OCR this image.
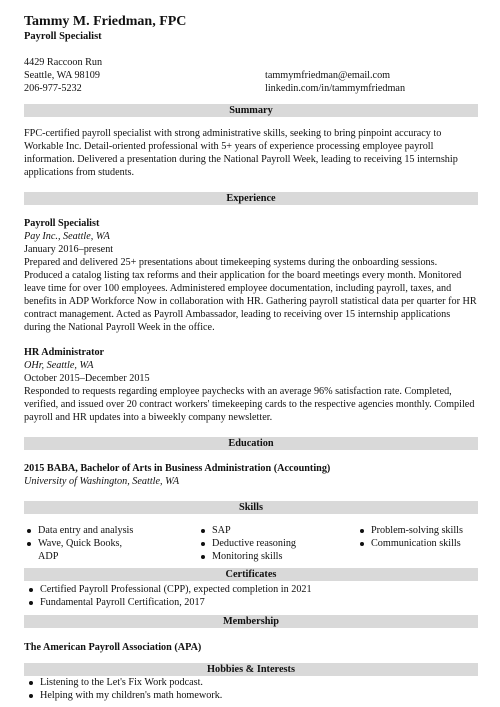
Tammy M. Friedman, FPC
Payroll Specialist
4429 Raccoon Run
Seattle, WA 98109
206-977-5232
tammymfriedman@email.com
linkedin.com/in/tammymfriedman
Summary
FPC-certified payroll specialist with strong administrative skills, seeking to bring pinpoint accuracy to Workable Inc. Detail-oriented professional with 5+ years of experience processing employee payroll information. Delivered a presentation during the National Payroll Week, leading to receiving 15 internship applications from students.
Experience
Payroll Specialist
Pay Inc., Seattle, WA
January 2016–present
Prepared and delivered 25+ presentations about timekeeping systems during the onboarding sessions. Produced a catalog listing tax reforms and their application for the board meetings every month. Monitored leave time for over 100 employees. Administered employee documentation, including payroll, taxes, and benefits in ADP Workforce Now in collaboration with HR. Gathering payroll statistical data per quarter for HR contract management. Acted as Payroll Ambassador, leading to receiving over 15 internship applications during the National Payroll Week in the office.
HR Administrator
OHr, Seattle, WA
October 2015–December 2015
Responded to requests regarding employee paychecks with an average 96% satisfaction rate. Completed, verified, and issued over 20 contract workers' timekeeping cards to the respective agencies monthly. Compiled payroll and HR updates into a biweekly company newsletter.
Education
2015 BABA, Bachelor of Arts in Business Administration (Accounting)
University of Washington, Seattle, WA
Skills
Data entry and analysis
Wave, Quick Books,
ADP
SAP
Deductive reasoning
Monitoring skills
Problem-solving skills
Communication skills
Certificates
Certified Payroll Professional (CPP), expected completion in 2021
Fundamental Payroll Certification, 2017
Membership
The American Payroll Association (APA)
Hobbies & Interests
Listening to the Let's Fix Work podcast.
Helping with my children's math homework.
